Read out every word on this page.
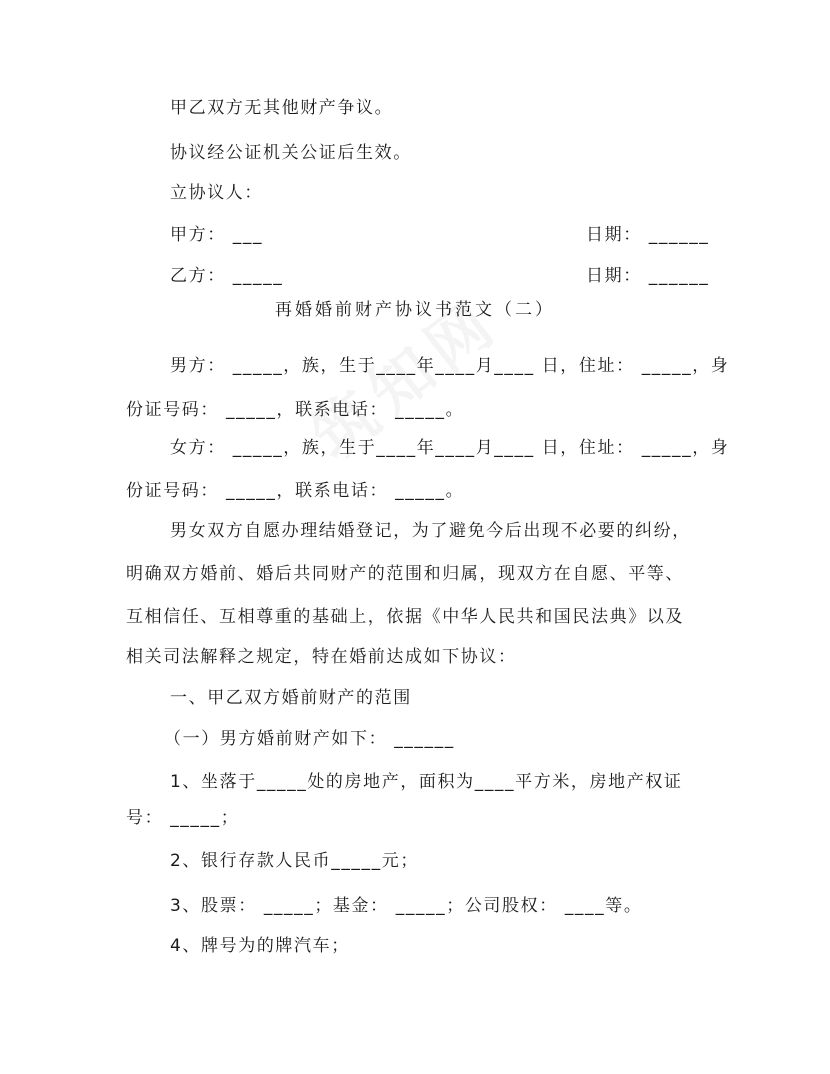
甲乙双方无其他财产争议。
协议经公证机关公证后生效。
立协议人：
甲方： ___	日期： ______
乙方： _____	日期： ______
再婚婚前财产协议书范文（二）
男方： _____，族，生于____年____月____ 日，住址： _____，身
份证号码： _____，联系电话： _____。
女方： _____，族，生于____年____月____ 日，住址： _____，身
份证号码： _____，联系电话： _____。
男女双方自愿办理结婚登记，为了避免今后出现不必要的纠纷，
明确双方婚前、婚后共同财产的范围和归属，现双方在自愿、平等、
互相信任、互相尊重的基础上，依据《中华人民共和国民法典》以及
相关司法解释之规定，特在婚前达成如下协议：
一、甲乙双方婚前财产的范围
（一）男方婚前财产如下： ______
1、坐落于_____处的房地产，面积为____平方米，房地产权证
号： _____；
2、银行存款人民币_____元；
3、股票： _____；基金： _____；公司股权： ____等。
4、牌号为的牌汽车；
